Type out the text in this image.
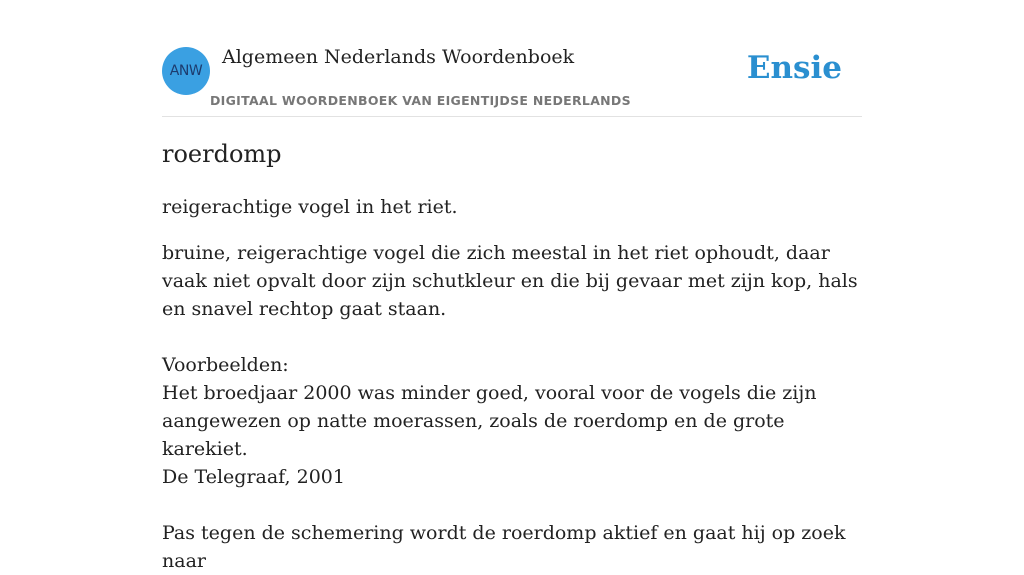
ANW
Algemeen Nederlands Woordenboek
DIGITAAL WOORDENBOEK VAN EIGENTIJDSE NEDERLANDS
Ensie
roerdomp
reigerachtige vogel in het riet.

bruine, reigerachtige vogel die zich meestal in het riet ophoudt, daar vaak niet opvalt door zijn schutkleur en die bij gevaar met zijn kop, hals en snavel rechtop gaat staan.

Voorbeelden:

Het broedjaar 2000 was minder goed, vooral voor de vogels die zijn aangewezen op natte moerassen, zoals de roerdomp en de grote karekiet.

De Telegraaf, 2001

Pas tegen de schemering wordt de roerdomp aktief en gaat hij op zoek naar
